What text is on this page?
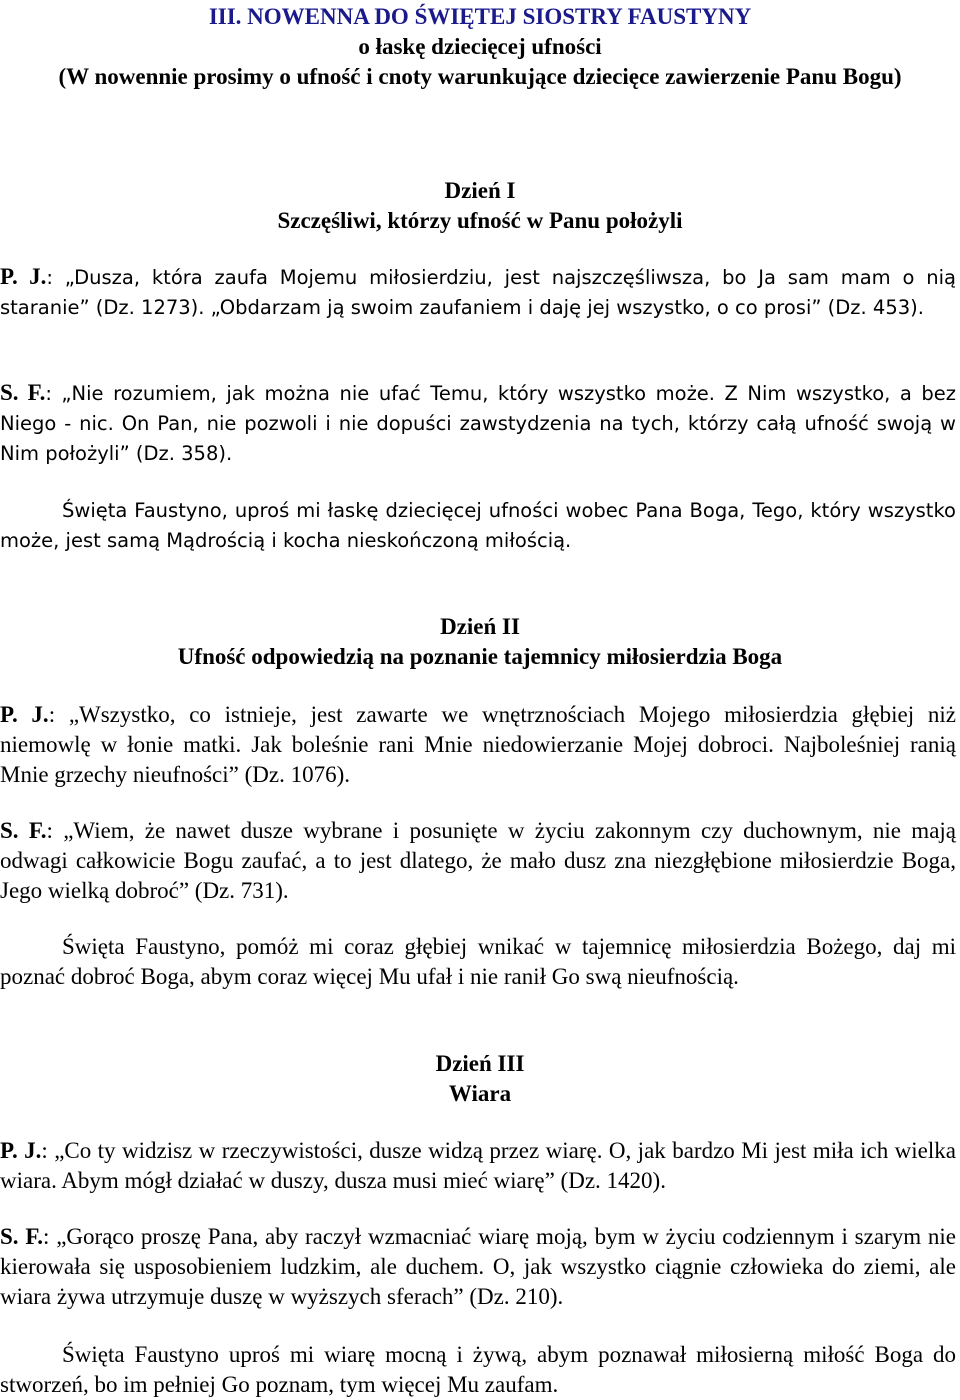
III. NOWENNA DO ŚWIĘTEJ SIOSTRY FAUSTYNY
o łaskę dziecięcej ufności
(W nowennie prosimy o ufność i cnoty warunkujące dziecięce zawierzenie Panu Bogu)
Dzień I
Szczęśliwi, którzy ufność w Panu położyli

P. J.: „Dusza, która zaufa Mojemu miłosierdziu, jest najszczęśliwsza, bo Ja sam mam o nią staranie” (Dz. 1273). „Obdarzam ją swoim zaufaniem i daję jej wszystko, o co prosi” (Dz. 453).

S. F.: „Nie rozumiem, jak można nie ufać Temu, który wszystko może. Z Nim wszystko, a bez Niego - nic. On Pan, nie pozwoli i nie dopuści zawstydzenia na tych, którzy całą ufność swoją w Nim położyli” (Dz. 358).

Święta Faustyno, uproś mi łaskę dziecięcej ufności wobec Pana Boga, Tego, który wszystko może, jest samą Mądrością i kocha nieskończoną miłością.

Dzień II
Ufność odpowiedzią na poznanie tajemnicy miłosierdzia Boga

P. J.: „Wszystko, co istnieje, jest zawarte we wnętrznościach Mojego miłosierdzia głębiej niż niemowlę w łonie matki. Jak boleśnie rani Mnie niedowierzanie Mojej dobroci. Najboleśniej ranią Mnie grzechy nieufności” (Dz. 1076).

S. F.: „Wiem, że nawet dusze wybrane i posunięte w życiu zakonnym czy duchownym, nie mają odwagi całkowicie Bogu zaufać, a to jest dlatego, że mało dusz zna niezgłębione miłosierdzie Boga, Jego wielką dobroć” (Dz. 731).

Święta Faustyno, pomóż mi coraz głębiej wnikać w tajemnicę miłosierdzia Bożego, daj mi poznać dobroć Boga, abym coraz więcej Mu ufał i nie ranił Go swą nieufnością.

Dzień III
Wiara

P. J.: „Co ty widzisz w rzeczywistości, dusze widzą przez wiarę. O, jak bardzo Mi jest miła ich wielka wiara. Abym mógł działać w duszy, dusza musi mieć wiarę” (Dz. 1420).

S. F.: „Gorąco proszę Pana, aby raczył wzmacniać wiarę moją, bym w życiu codziennym i szarym nie kierowała się usposobieniem ludzkim, ale duchem. O, jak wszystko ciągnie człowieka do ziemi, ale wiara żywa utrzymuje duszę w wyższych sferach” (Dz. 210).

Święta Faustyno uproś mi wiarę mocną i żywą, abym poznawał miłosierną miłość Boga do stworzeń, bo im pełniej Go poznam, tym więcej Mu zaufam.
